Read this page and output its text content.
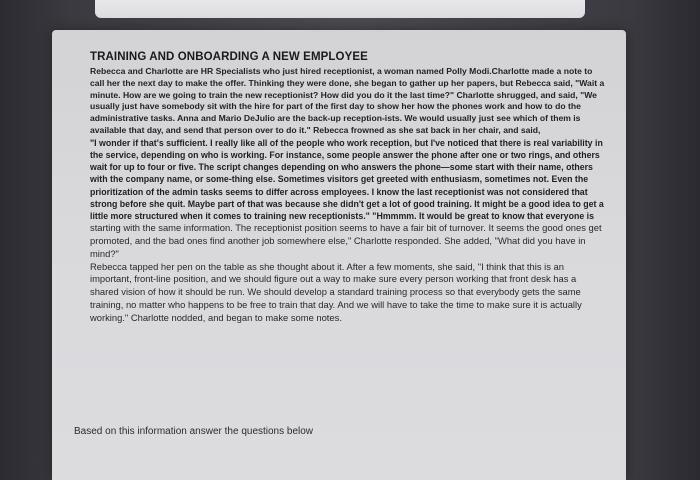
TRAINING AND ONBOARDING A NEW EMPLOYEE

Rebecca and Charlotte are HR Specialists who just hired receptionist, a woman named Polly Modi.Charlotte made a note to call her the next day to make the offer. Thinking they were done, she began to gather up her papers, but Rebecca said, "Wait a minute. How are we going to train the new receptionist? How did you do it the last time?" Charlotte shrugged, and said, "We usually just have somebody sit with the hire for part of the first day to show her how the phones work and how to do the administrative tasks. Anna and Mario DeJulio are the back-up reception-ists. We would usually just see which of them is available that day, and send that person over to do it." Rebecca frowned as she sat back in her chair, and said,

"I wonder if that's sufficient. I really like all of the people who work reception, but I've noticed that there is real variability in the service, depending on who is working. For instance, some people answer the phone after one or two rings, and others wait for up to four or five. The script changes depending on who answers the phone—some start with their name, others with the company name, or some-thing else. Sometimes visitors get greeted with enthusiasm, sometimes not. Even the prioritization of the admin tasks seems to differ across employees. I know the last receptionist was not considered that strong before she quit. Maybe part of that was because she didn't get a lot of good training. It might be a good idea to get a little more structured when it comes to training new receptionists." "Hmmmm. It would be great to know that everyone is

starting with the same information. The receptionist position seems to have a fair bit of turnover. It seems the good ones get promoted, and the bad ones find another job somewhere else," Charlotte responded. She added, "What did you have in mind?"

Rebecca tapped her pen on the table as she thought about it. After a few moments, she said, "I think that this is an important, front-line position, and we should figure out a way to make sure every person working that front desk has a shared vision of how it should be run. We should develop a standard training process so that everybody gets the same training, no matter who happens to be free to train that day. And we will have to take the time to make sure it is actually working." Charlotte nodded, and began to make some notes.

Based on this information answer the questions below
